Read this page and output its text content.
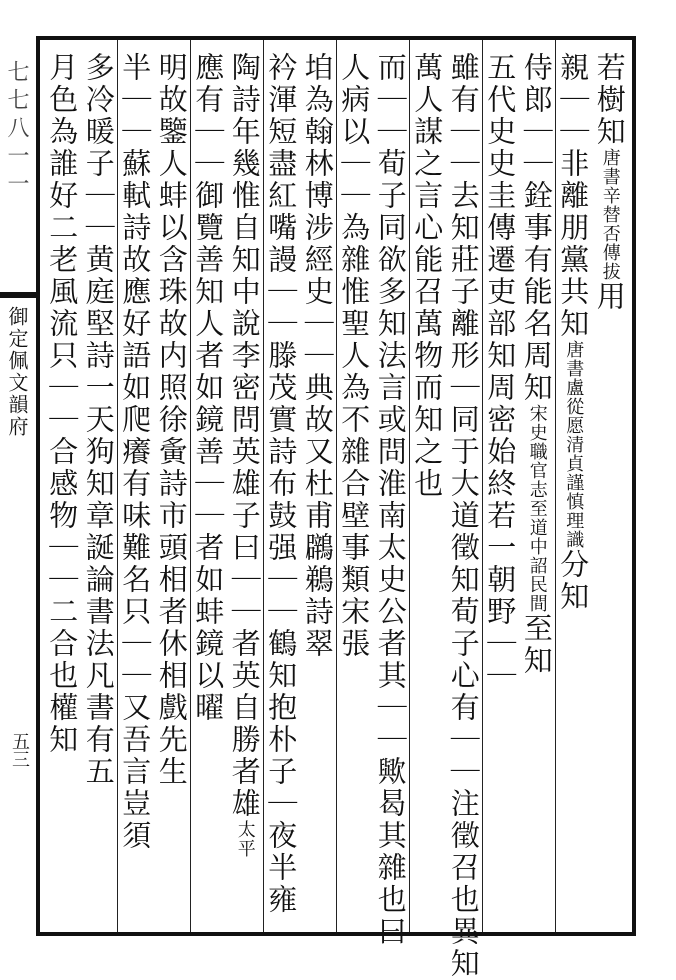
七七八一一
御定佩文韻府
五三
若樹知唐書辛替否傳拔用
親｜｜非離朋黨共知唐書盧從愿清貞謹慎理識分知
侍郎｜｜銓事有能名周知宋史職官志至道中詔民間至知
五代史史圭傳遷吏部知周密始終若一朝野｜｜
雖有｜｜去知莊子離形｜同于大道徵知荀子心有｜｜注徵召也異知
萬人謀之言心能召萬物而知之也
而｜｜荀子同欲多知法言或問淮南太史公者其｜｜歟曷其雜也曰
人病以｜｜為雜惟聖人為不雜合壁事類宋張
垍為翰林博涉經史｜｜典故又杜甫鸊鵜詩翠
衿渾短盡紅嘴謾｜｜滕茂實詩布鼓强｜｜鶴知抱朴子｜夜半雍
陶詩年幾惟自知中說李密問英雄子曰｜｜者英自勝者雄太平
應有｜｜御覽善知人者如鏡善｜｜者如蚌鏡以曜
明故鑒人蚌以含珠故内照徐夤詩市頭相者休相戲先生
半｜｜蘇軾詩故應好語如爬癢有味難名只｜｜又吾言豈須
多冷暖子｜｜黄庭堅詩一天狗知章誕論書法凡書有五
月色為誰好二老風流只｜｜合感物｜｜二合也權知
